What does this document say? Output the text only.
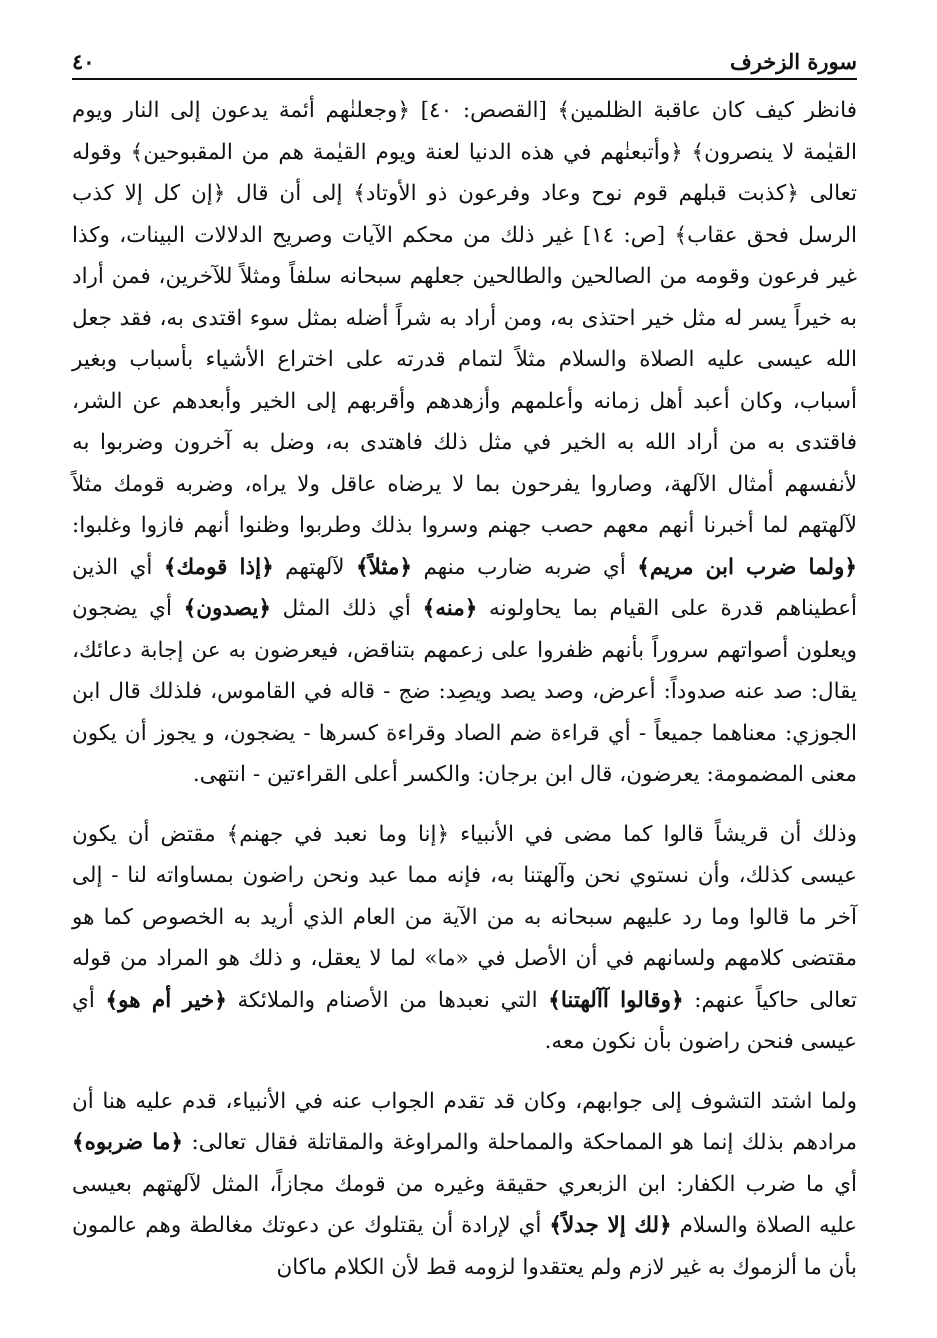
سورة الزخرف
٤٠

فانظر كيف كان عاقبة الظلمين﴾ [القصص: ٤٠] ﴿وجعلنٰهم أئمة يدعون إلى النار ويوم القيٰمة لا ينصرون﴾ ﴿وأتبعنٰهم في هذه الدنيا لعنة ويوم القيٰمة هم من المقبوحين﴾ وقوله تعالى ﴿كذبت قبلهم قوم نوح وعاد وفرعون ذو الأوتاد﴾ إلى أن قال ﴿إن كل إلا كذب الرسل فحق عقاب﴾ [ص: ١٤] غير ذلك من محكم الآيات وصريح الدلالات البينات، وكذا غير فرعون وقومه من الصالحين والطالحين جعلهم سبحانه سلفاً ومثلاً للآخرين، فمن أراد به خيراً يسر له مثل خير احتذى به، ومن أراد به شراً أضله بمثل سوء اقتدى به، فقد جعل الله عيسى عليه الصلاة والسلام مثلاً لتمام قدرته على اختراع الأشياء بأسباب وبغير أسباب، وكان أعبد أهل زمانه وأعلمهم وأزهدهم وأقربهم إلى الخير وأبعدهم عن الشر، فاقتدى به من أراد الله به الخير في مثل ذلك فاهتدى به، وضل به آخرون وضربوا به لأنفسهم أمثال الآلهة، وصاروا يفرحون بما لا يرضاه عاقل ولا يراه، وضربه قومك مثلاً لآلهتهم لما أخبرنا أنهم معهم حصب جهنم وسروا بذلك وطربوا وظنوا أنهم فازوا وغلبوا: ﴿ولما ضرب ابن مريم﴾ أي ضربه ضارب منهم ﴿مثلاً﴾ لآلهتهم ﴿إذا قومك﴾ أي الذين أعطيناهم قدرة على القيام بما يحاولونه ﴿منه﴾ أي ذلك المثل ﴿يصدون﴾ أي يضجون ويعلون أصواتهم سروراً بأنهم ظفروا على زعمهم بتناقض، فيعرضون به عن إجابة دعائك، يقال: صد عنه صدوداً: أعرض، وصد يصد ويصِد: ضج - قاله في القاموس، فلذلك قال ابن الجوزي: معناهما جميعاً - أي قراءة ضم الصاد وقراءة كسرها - يضجون، و يجوز أن يكون معنى المضمومة: يعرضون، قال ابن برجان: والكسر أعلى القراءتين - انتهى.

وذلك أن قريشاً قالوا كما مضى في الأنبياء ﴿إنا وما نعبد في جهنم﴾ مقتض أن يكون عيسى كذلك، وأن نستوي نحن وآلهتنا به، فإنه مما عبد ونحن راضون بمساواته لنا - إلى آخر ما قالوا وما رد عليهم سبحانه به من الآية من العام الذي أريد به الخصوص كما هو مقتضى كلامهم ولسانهم في أن الأصل في «ما» لما لا يعقل، و ذلك هو المراد من قوله تعالى حاكياً عنهم: ﴿وقالوا آآلهتنا﴾ التي نعبدها من الأصنام والملائكة ﴿خير أم هو﴾ أي عيسى فنحن راضون بأن نكون معه.

ولما اشتد التشوف إلى جوابهم، وكان قد تقدم الجواب عنه في الأنبياء، قدم عليه هنا أن مرادهم بذلك إنما هو المماحكة والمماحلة والمراوغة والمقاتلة فقال تعالى: ﴿ما ضربوه﴾ أي ما ضرب الكفار: ابن الزبعري حقيقة وغيره من قومك مجازاً، المثل لآلهتهم بعيسى عليه الصلاة والسلام ﴿لك إلا جدلاً﴾ أي لإرادة أن يقتلوك عن دعوتك مغالطة وهم عالمون بأن ما ألزموك به غير لازم ولم يعتقدوا لزومه قط لأن الكلام ماكان
